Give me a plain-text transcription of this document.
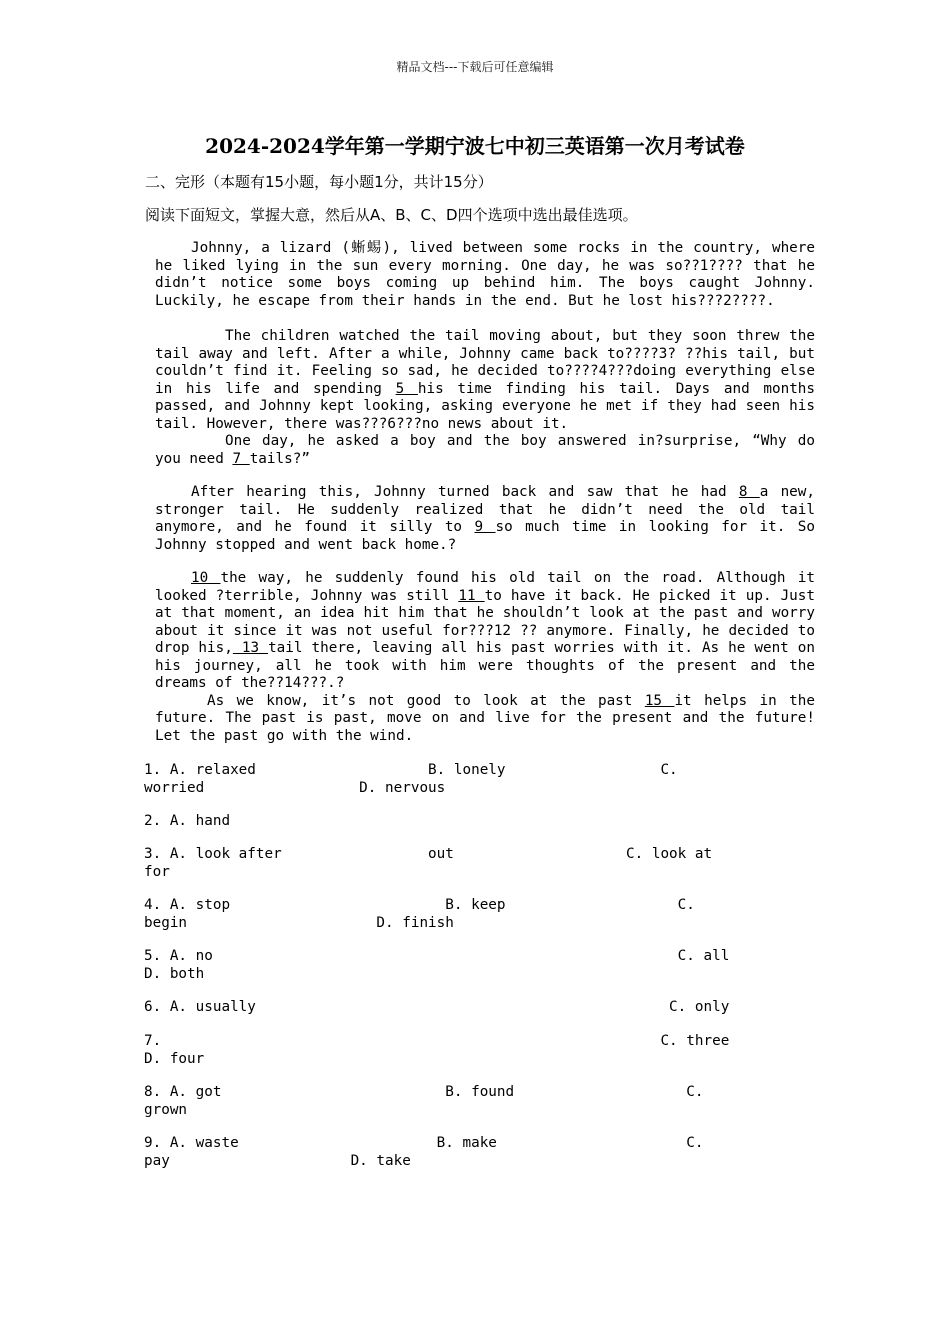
精品文档---下载后可任意编辑
2024-2024学年第一学期宁波七中初三英语第一次月考试卷
二、完形（本题有15小题，每小题1分，共计15分）
阅读下面短文，掌握大意，然后从A、B、C、D四个选项中选出最佳选项。

Johnny, a lizard (蜥蜴), lived between some rocks in the country, where he liked lying in the sun every morning. One day, he was so??1???? that he didn’t notice some boys coming up behind him. The boys caught Johnny. Luckily, he escape from their hands in the end. But he lost his???2????.

The children watched the tail moving about, but they soon threw the tail away and left. After a while, Johnny came back to????3? ??his tail, but couldn’t find it. Feeling so sad, he decided to????4???doing everything else in his life and spending 5 his time finding his tail. Days and months passed, and Johnny kept looking, asking everyone he met if they had seen his tail. However, there was???6???no news about it.

One day, he asked a boy and the boy answered in?surprise, “Why do you need 7 tails?”

After hearing this, Johnny turned back and saw that he had 8 a new, stronger tail. He suddenly realized that he didn’t need the old tail anymore, and he found it silly to 9 so much time in looking for it. So Johnny stopped and went back home.?

10 the way, he suddenly found his old tail on the road. Although it looked ?terrible, Johnny was still 11 to have it back. He picked it up. Just at that moment, an idea hit him that he shouldn’t look at the past and worry about it since it was not useful for???12 ?? anymore. Finally, he decided to drop his, 13 tail there, leaving all his past worries with it. As he went on his journey, all he took with him were thoughts of the present and the dreams of the??14???.?

As we know, it’s not good to look at the past 15 it helps in the future. The past is past, move on and live for the present and the future! Let the past go with the wind.

1. A. relaxed                    B. lonely                  C.
worried                  D. nervous
2. A. hand
3. A. look after                 out                    C. look at
for
4. A. stop                         B. keep                    C.
begin                      D. finish
5. A. no                                                      C. all
D. both
6. A. usually                                                C. only
7.                                                          C. three
D. four
8. A. got                          B. found                    C.
grown
9. A. waste                       B. make                      C.
pay                     D. take
